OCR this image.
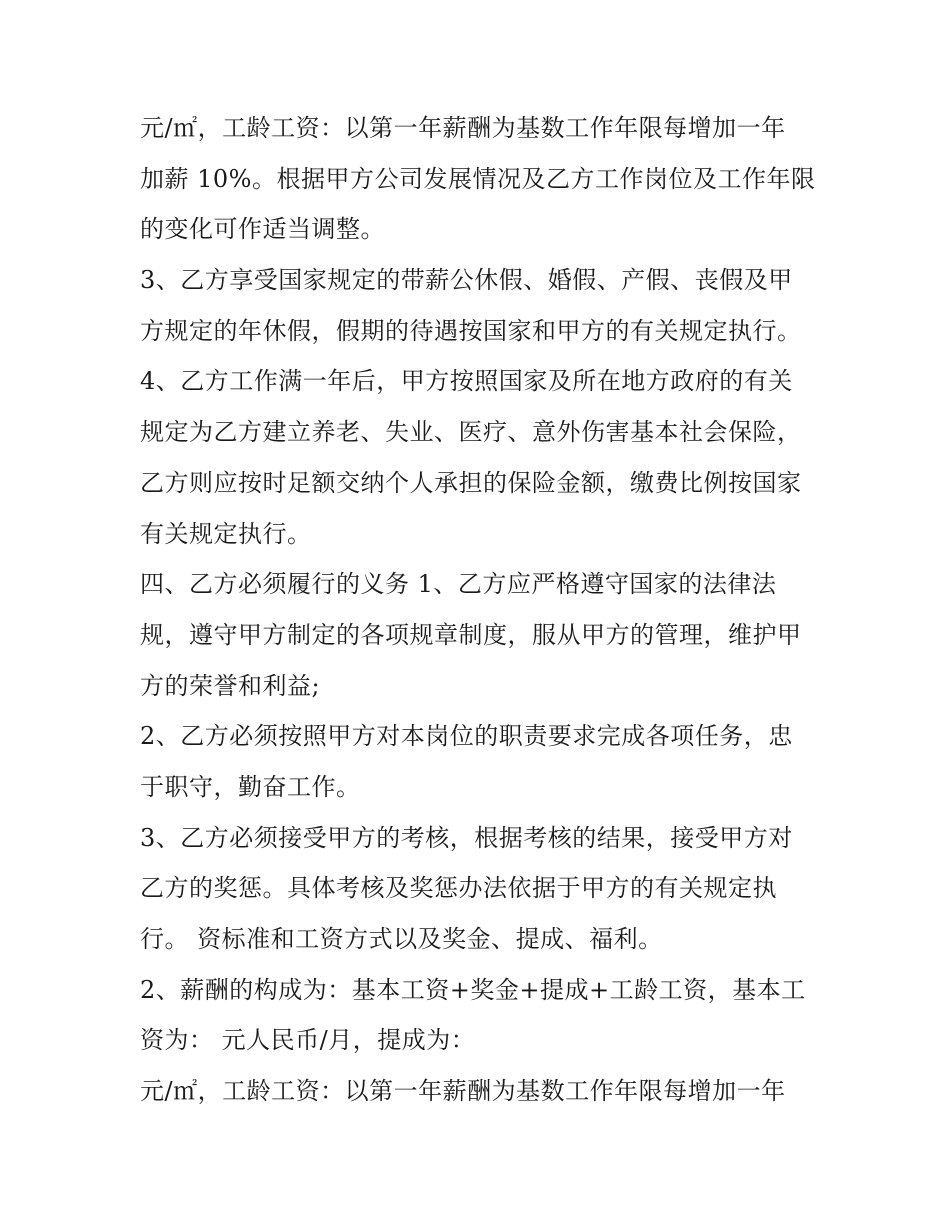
元/㎡，工龄工资：以第一年薪酬为基数工作年限每增加一年
加薪 10%。根据甲方公司发展情况及乙方工作岗位及工作年限
的变化可作适当调整。
3、乙方享受国家规定的带薪公休假、婚假、产假、丧假及甲
方规定的年休假，假期的待遇按国家和甲方的有关规定执行。
4、乙方工作满一年后，甲方按照国家及所在地方政府的有关
规定为乙方建立养老、失业、医疗、意外伤害基本社会保险，
乙方则应按时足额交纳个人承担的保险金额，缴费比例按国家
有关规定执行。
四、乙方必须履行的义务 1、乙方应严格遵守国家的法律法
规，遵守甲方制定的各项规章制度，服从甲方的管理，维护甲
方的荣誉和利益;
2、乙方必须按照甲方对本岗位的职责要求完成各项任务，忠
于职守，勤奋工作。
3、乙方必须接受甲方的考核，根据考核的结果，接受甲方对
乙方的奖惩。具体考核及奖惩办法依据于甲方的有关规定执
行。 资标准和工资方式以及奖金、提成、福利。
2、薪酬的构成为：基本工资+奖金+提成+工龄工资，基本工
资为： 元人民币/月，提成为：
元/㎡，工龄工资：以第一年薪酬为基数工作年限每增加一年
